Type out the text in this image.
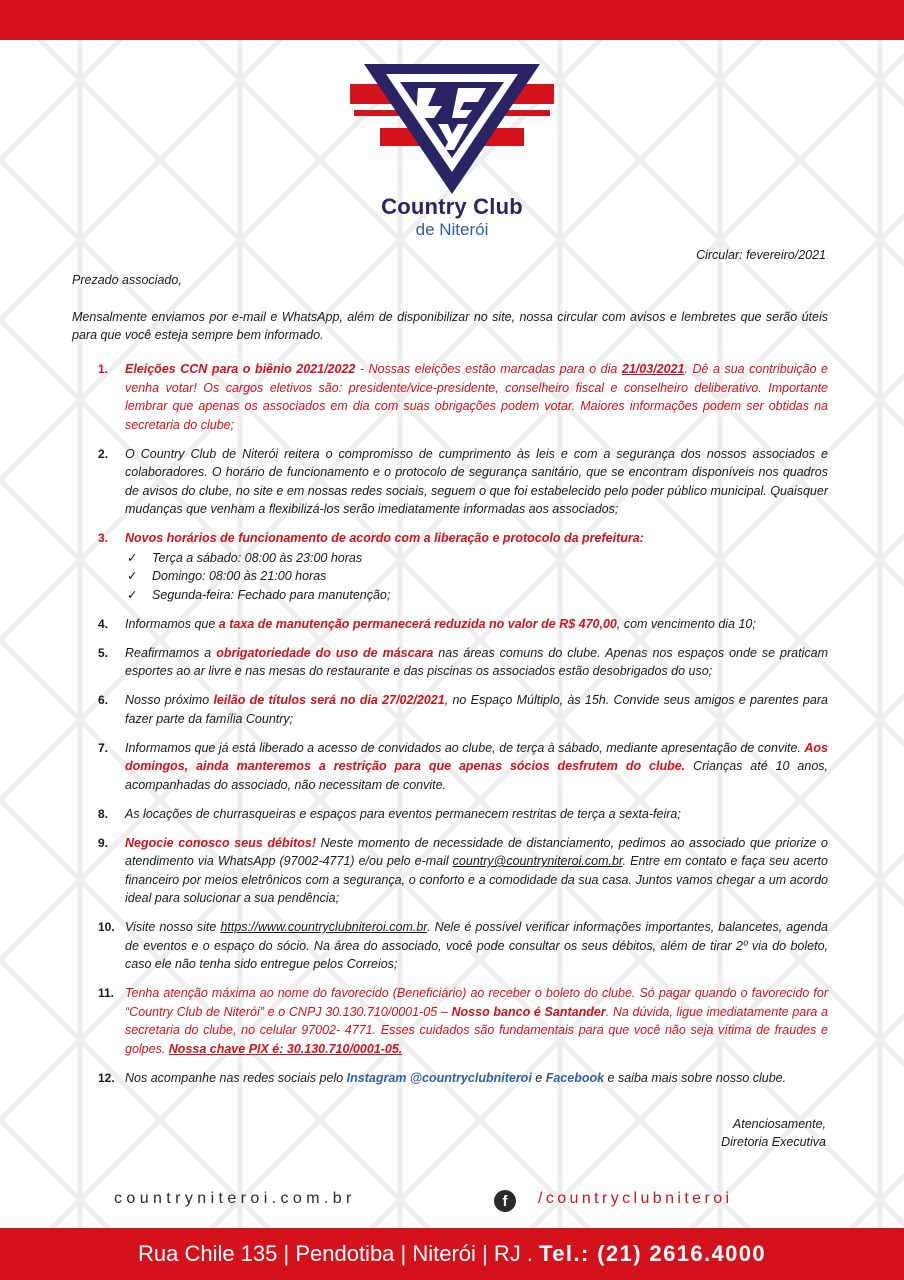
Country Club
de Niterói
Circular: fevereiro/2021
Prezado associado,
Mensalmente enviamos por e-mail e WhatsApp, além de disponibilizar no site, nossa circular com avisos e lembretes que serão úteis para que você esteja sempre bem informado.
1. Eleições CCN para o biênio 2021/2022 - Nossas eleições estão marcadas para o dia 21/03/2021. Dê a sua contribuição e venha votar! Os cargos eletivos são: presidente/vice-presidente, conselheiro fiscal e conselheiro deliberativo. Importante lembrar que apenas os associados em dia com suas obrigações podem votar. Maiores informações podem ser obtidas na secretaria do clube;
2. O Country Club de Niterói reitera o compromisso de cumprimento às leis e com a segurança dos nossos associados e colaboradores. O horário de funcionamento e o protocolo de segurança sanitário, que se encontram disponíveis nos quadros de avisos do clube, no site e em nossas redes sociais, seguem o que foi estabelecido pelo poder público municipal. Quaisquer mudanças que venham a flexibilizá-los serão imediatamente informadas aos associados;
3. Novos horários de funcionamento de acordo com a liberação e protocolo da prefeitura:
✓ Terça a sábado: 08:00 às 23:00 horas
✓ Domingo: 08:00 às 21:00 horas
✓ Segunda-feira: Fechado para manutenção;
4. Informamos que a taxa de manutenção permanecerá reduzida no valor de R$ 470,00, com vencimento dia 10;
5. Reafirmamos a obrigatoriedade do uso de máscara nas áreas comuns do clube. Apenas nos espaços onde se praticam esportes ao ar livre e nas mesas do restaurante e das piscinas os associados estão desobrigados do uso;
6. Nosso próximo leilão de títulos será no dia 27/02/2021, no Espaço Múltiplo, às 15h. Convide seus amigos e parentes para fazer parte da família Country;
7. Informamos que já está liberado a acesso de convidados ao clube, de terça à sábado, mediante apresentação de convite. Aos domingos, ainda manteremos a restrição para que apenas sócios desfrutem do clube. Crianças até 10 anos, acompanhadas do associado, não necessitam de convite.
8. As locações de churrasqueiras e espaços para eventos permanecem restritas de terça a sexta-feira;
9. Negocie conosco seus débitos! Neste momento de necessidade de distanciamento, pedimos ao associado que priorize o atendimento via WhatsApp (97002-4771) e/ou pelo e-mail country@countryniteroi.com.br. Entre em contato e faça seu acerto financeiro por meios eletrônicos com a segurança, o conforto e a comodidade da sua casa. Juntos vamos chegar a um acordo ideal para solucionar a sua pendência;
10. Visite nosso site https://www.countryclubniteroi.com.br. Nele é possível verificar informações importantes, balancetes, agenda de eventos e o espaço do sócio. Na área do associado, você pode consultar os seus débitos, além de tirar 2º via do boleto, caso ele não tenha sido entregue pelos Correios;
11. Tenha atenção máxima ao nome do favorecido (Beneficiário) ao receber o boleto do clube. Só pagar quando o favorecido for “Country Club de Niterói” e o CNPJ 30.130.710/0001-05 – Nosso banco é Santander. Na dúvida, ligue imediatamente para a secretaria do clube, no celular 97002- 4771. Esses cuidados são fundamentais para que você não seja vítima de fraudes e golpes. Nossa chave PIX é: 30.130.710/0001-05.
12. Nos acompanhe nas redes sociais pelo Instagram @countryclubniteroi e Facebook e saiba mais sobre nosso clube.
Atenciosamente,
Diretoria Executiva
countryniteroi.com.br	f	/countryclubniteroi
Rua Chile 135 | Pendotiba | Niterói | RJ . Tel.: (21) 2616.4000
